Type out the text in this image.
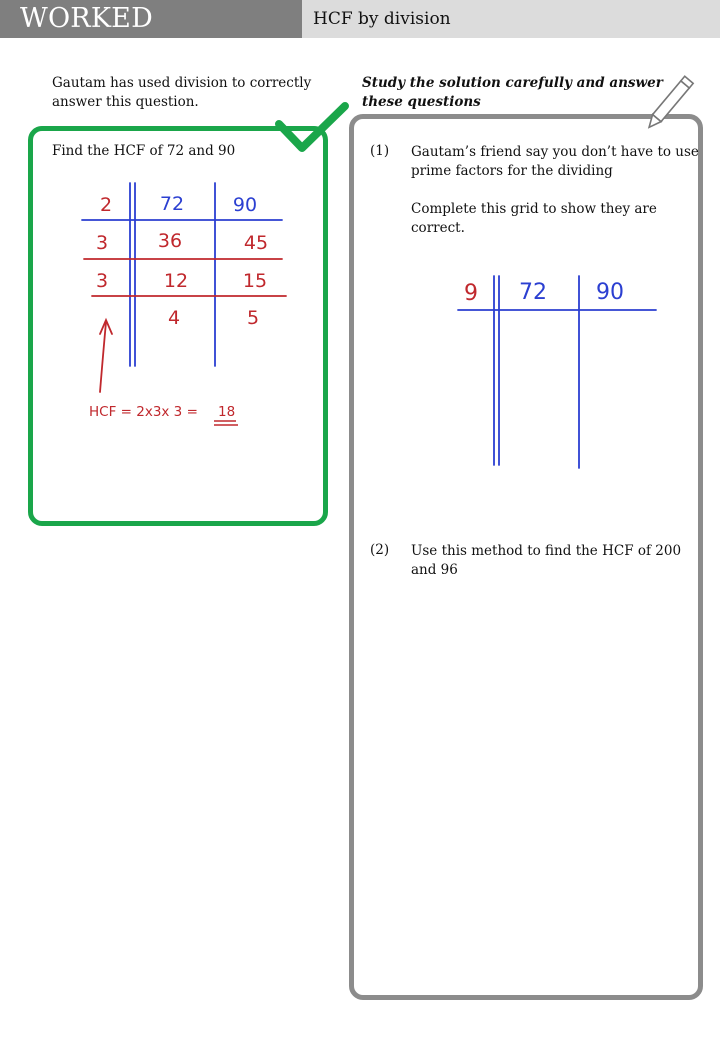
WORKED EXAMPLE
HCF by division
Gautam has used division to correctly answer this question.
Study the solution carefully and answer these questions
Find the HCF of 72 and 90	(1) Gautam’s friend say you don’t have to use prime factors for the dividing
Complete this grid to show they are correct.
(2) Use this method to find the HCF of 200 and 96
2
3
3
72
36
12
4
90
45
15
5
HCF = 2x3x 3 = 18
9 72 90
